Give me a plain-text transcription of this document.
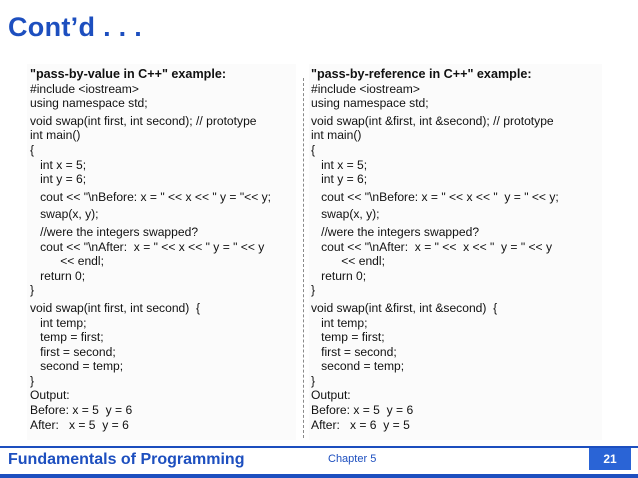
Cont’d . . .
"pass-by-value in C++" example:
#include <iostream>
using namespace std;
void swap(int first, int second); // prototype
int main()
{
int x = 5;
int y = 6;
cout << "\nBefore: x = " << x << " y = "<< y;
swap(x, y);
//were the integers swapped?
cout << "\nAfter:  x = " << x << " y = " << y
<< endl;
return 0;
}
void swap(int first, int second)  {
int temp;
temp = first;
first = second;
second = temp;
}
Output:
Before: x = 5  y = 6
After:   x = 5  y = 6
"pass-by-reference in C++" example:
#include <iostream>
using namespace std;
void swap(int &first, int &second); // prototype
int main()
{
int x = 5;
int y = 6;
cout << "\nBefore: x = " << x << "  y = " << y;
swap(x, y);
//were the integers swapped?
cout << "\nAfter:  x = " <<  x << "  y = " << y
<< endl;
return 0;
}
void swap(int &first, int &second)  {
int temp;
temp = first;
first = second;
second = temp;
}
Output:
Before: x = 5  y = 6
After:   x = 6  y = 5
Fundamentals of Programming	Chapter 5	21
